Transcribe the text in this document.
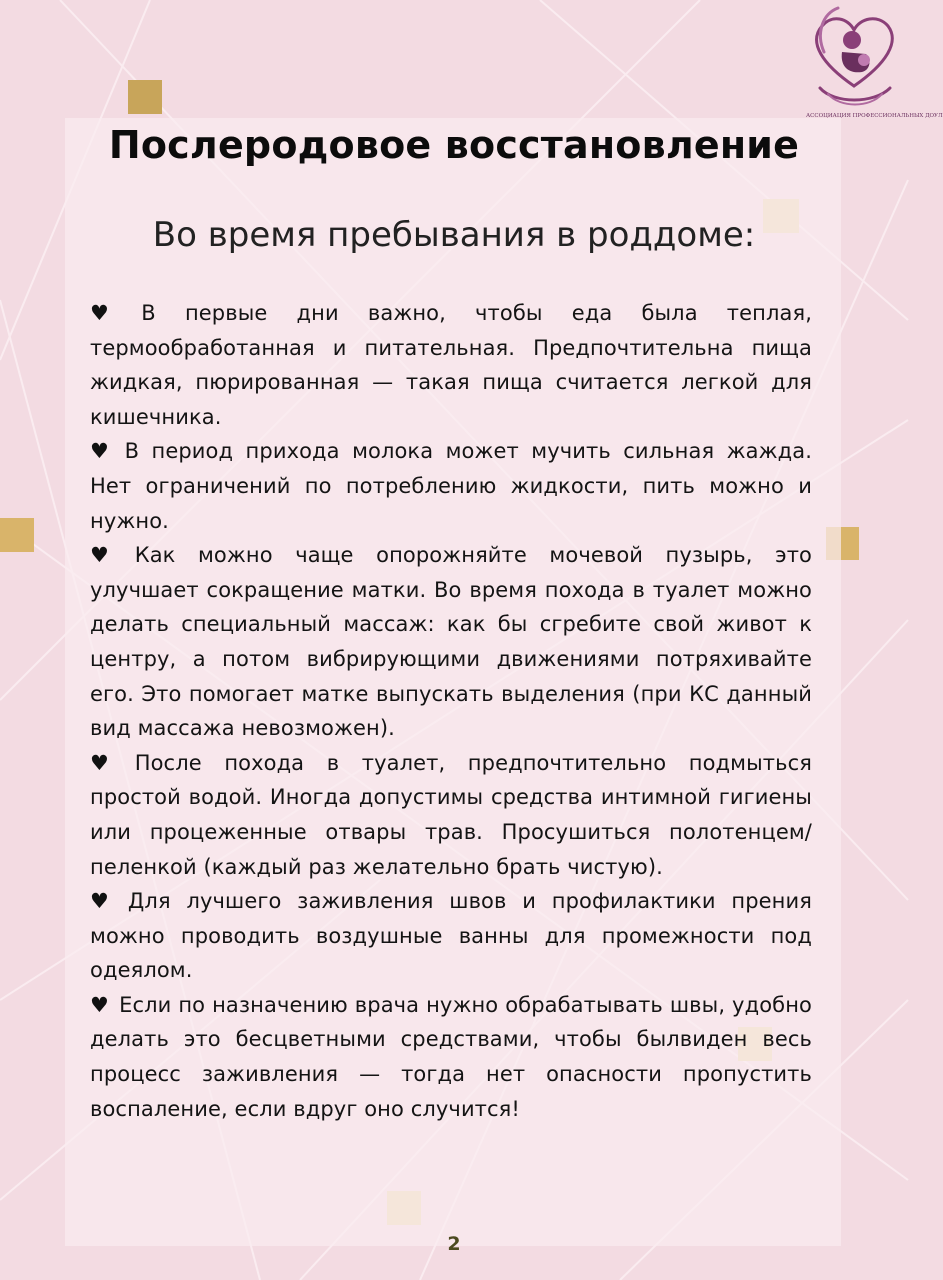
АССОЦИАЦИЯ ПРОФЕССИОНАЛЬНЫХ ДОУЛ
Послеродовое восстановление
Во время пребывания в роддоме:

♥ В первые дни важно, чтобы еда была теплая, термообработанная и питательная. Предпочтительна пища жидкая, пюрированная — такая пища считается легкой для кишечника.

♥ В период прихода молока может мучить сильная жажда. Нет ограничений по потреблению жидкости, пить можно и нужно.

♥ Как можно чаще опорожняйте мочевой пузырь, это улучшает сокращение матки. Во время похода в туалет можно делать специальный массаж: как бы сгребите свой живот к центру, а потом вибрирующими движениями потряхивайте его. Это помогает матке выпускать выделения (при КС данный вид массажа невозможен).

♥ После похода в туалет, предпочтительно подмыться простой водой. Иногда допустимы средства интимной гигиены или процеженные отвары трав. Просушиться полотенцем/пеленкой (каждый раз желательно брать чистую).

♥ Для лучшего заживления швов и профилактики прения можно проводить воздушные ванны для промежности под одеялом.

♥ Если по назначению врача нужно обрабатывать швы, удобно делать это бесцветными средствами, чтобы былвиден весь процесс заживления — тогда нет опасности пропустить воспаление, если вдруг оно случится!

2
